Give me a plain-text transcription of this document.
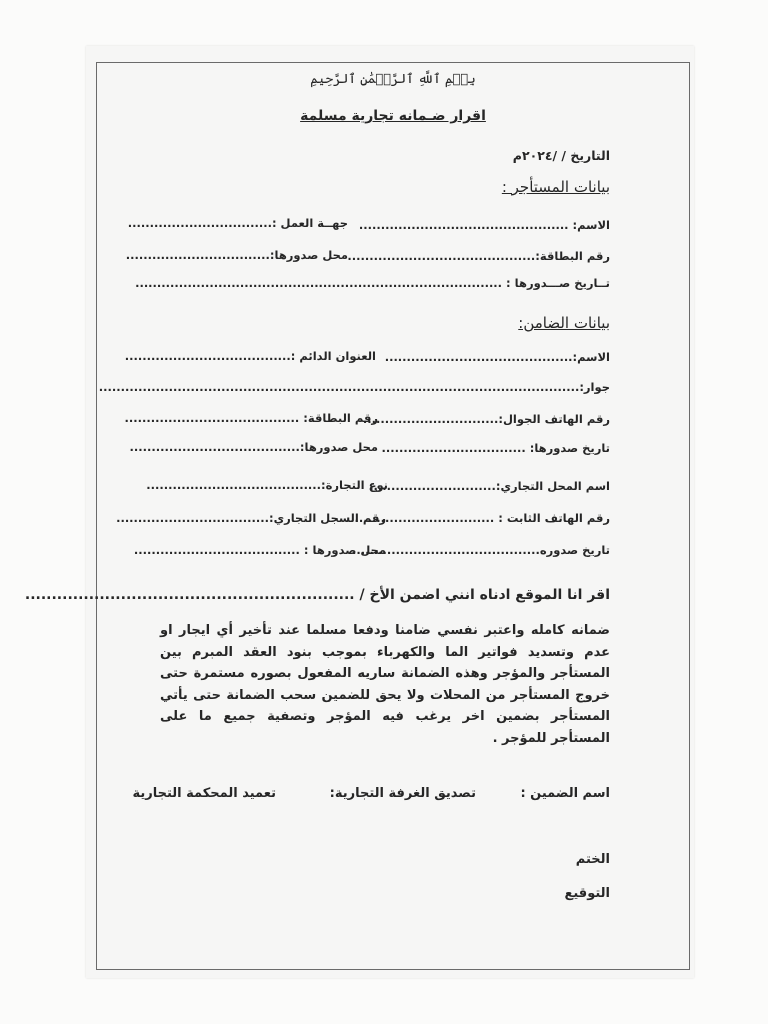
بِسۡمِ ٱللَّهِ ٱلرَّحۡمَٰنِ ٱلرَّحِيمِ
اقرار ضـمانه تجارية مسلمة
التاريخ / /٢٠٢٤م
بيانات المستأجر :
الاسم: ................................................
جهــة العمل :.................................
رقم البطاقة:...........................................
محل صدورها:.................................
تــاريخ صـــدورها : ....................................................................................
بيانات الضامن:
الاسم:...........................................
العنوان الدائم :......................................
جوار:..............................................................................................................
رقم الهاتف الجوال:...............................
رقم البطاقة: ........................................
تاريخ صدورها: .................................
محل صدورها:.......................................
اسم المحل التجاري:.............................
نوع التجارة:........................................
رقم الهاتف الثابت : ................................
رقم السجل التجاري:...................................
تاريخ صدوره...........................................
محل صدورها : ......................................
اقر انا الموقع ادناه انني اضمن الأخ / ..............................................................
ضمانه كامله واعتبر نفسي ضامنا ودفعا مسلما عند تأخير أي ايجار او عدم وتسديد فواتير الما والكهرباء بموجب بنود العقد المبرم بين المستأجر والمؤجر وهذه الضمانة ساريه المفعول بصوره مستمرة حتى خروج المستأجر من المحلات ولا يحق للضمين سحب الضمانة حتى يأتي المستأجر بضمين اخر يرغب فيه المؤجر وتصفية جميع ما على المستأجر للمؤجر .
اسم الضمين :
تصديق الغرفة التجارية:
تعميد المحكمة التجارية
الختم
التوقيع
